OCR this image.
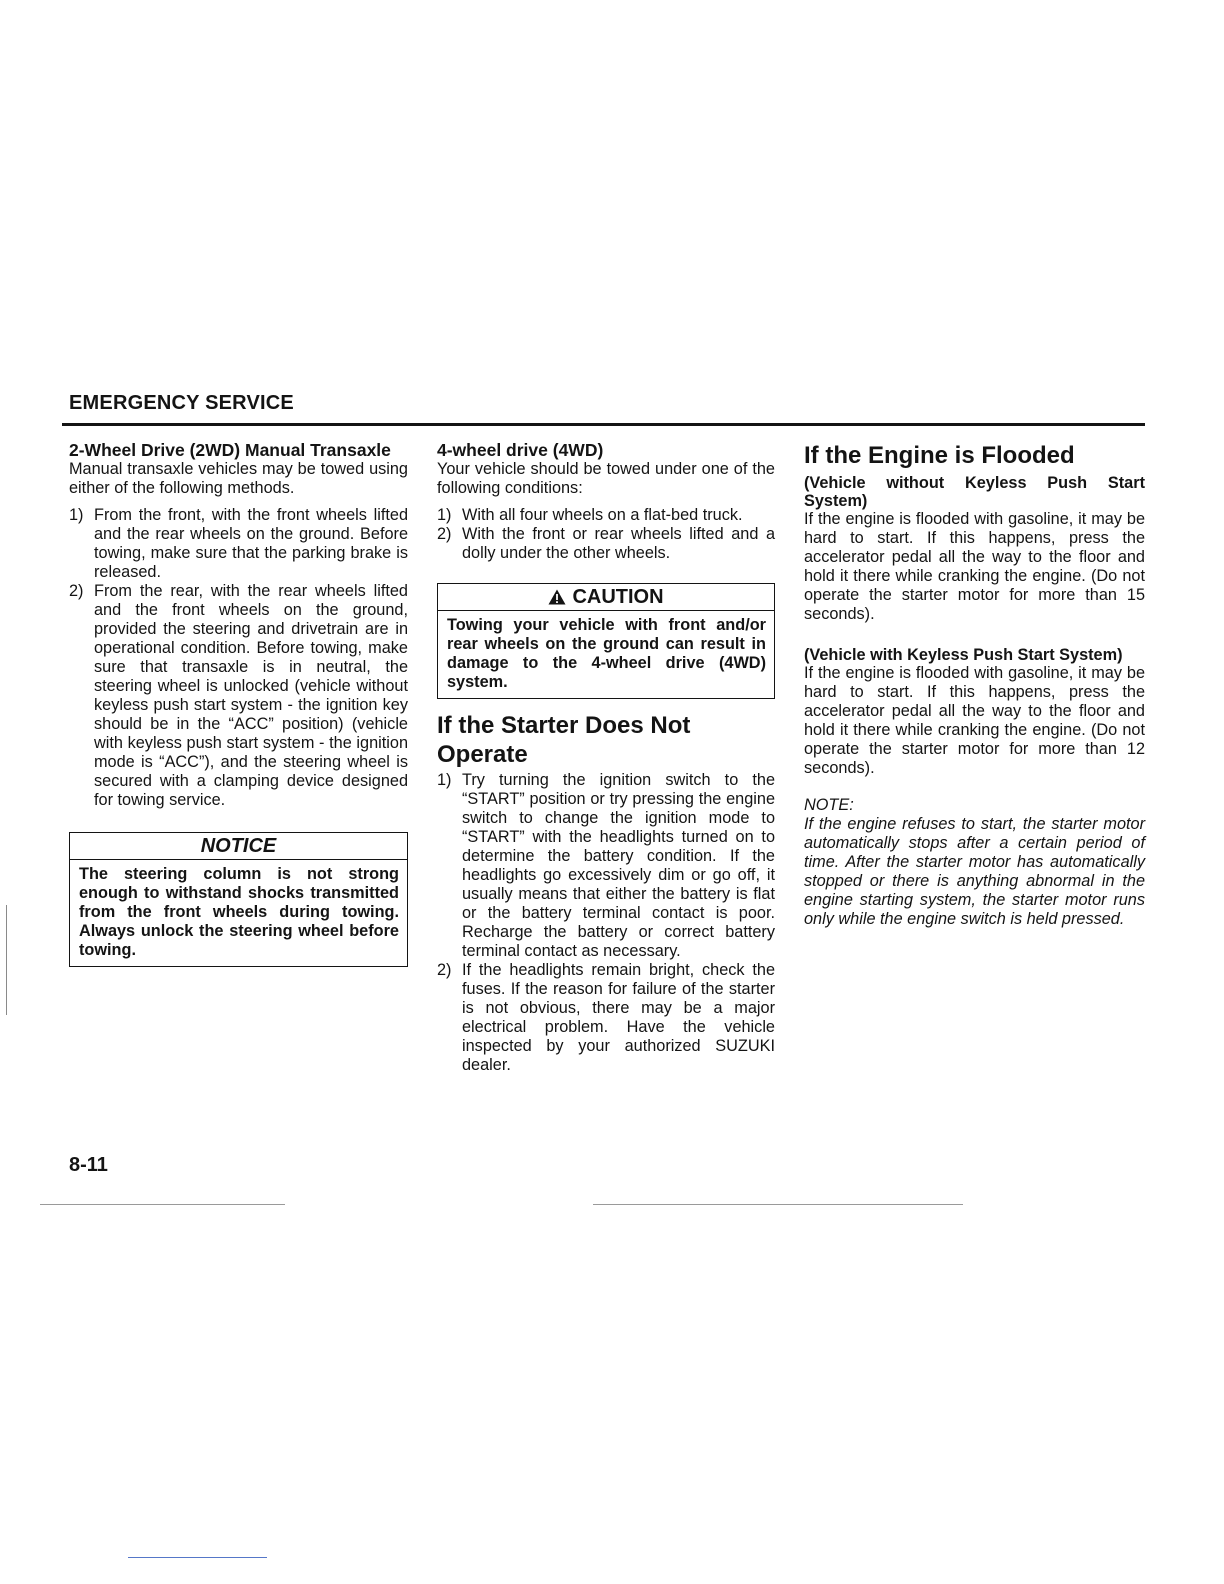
EMERGENCY SERVICE
2-Wheel Drive (2WD) Manual Transaxle

Manual transaxle vehicles may be towed using either of the following methods.

1) From the front, with the front wheels lifted and the rear wheels on the ground. Before towing, make sure that the parking brake is released.
2) From the rear, with the rear wheels lifted and the front wheels on the ground, provided the steering and drivetrain are in operational condition. Before towing, make sure that transaxle is in neutral, the steering wheel is unlocked (vehicle without keyless push start system - the ignition key should be in the “ACC” position) (vehicle with keyless push start system - the ignition mode is “ACC”), and the steering wheel is secured with a clamping device designed for towing service.
NOTICE
The steering column is not strong enough to withstand shocks transmitted from the front wheels during towing. Always unlock the steering wheel before towing.
4-wheel drive (4WD)

Your vehicle should be towed under one of the following conditions:

1) With all four wheels on a flat-bed truck.
2) With the front or rear wheels lifted and a dolly under the other wheels.
CAUTION
Towing your vehicle with front and/or rear wheels on the ground can result in damage to the 4-wheel drive (4WD) system.
If the Starter Does Not Operate
1) Try turning the ignition switch to the “START” position or try pressing the engine switch to change the ignition mode to “START” with the headlights turned on to determine the battery condition. If the headlights go excessively dim or go off, it usually means that either the battery is flat or the battery terminal contact is poor. Recharge the battery or correct battery terminal contact as necessary.
2) If the headlights remain bright, check the fuses. If the reason for failure of the starter is not obvious, there may be a major electrical problem. Have the vehicle inspected by your authorized SUZUKI dealer.
If the Engine is Flooded
(Vehicle without Keyless Push Start System)

If the engine is flooded with gasoline, it may be hard to start. If this happens, press the accelerator pedal all the way to the floor and hold it there while cranking the engine. (Do not operate the starter motor for more than 15 seconds).

(Vehicle with Keyless Push Start System)

If the engine is flooded with gasoline, it may be hard to start. If this happens, press the accelerator pedal all the way to the floor and hold it there while cranking the engine. (Do not operate the starter motor for more than 12 seconds).

NOTE:

If the engine refuses to start, the starter motor automatically stops after a certain period of time. After the starter motor has automatically stopped or there is anything abnormal in the engine starting system, the starter motor runs only while the engine switch is held pressed.

8-11
